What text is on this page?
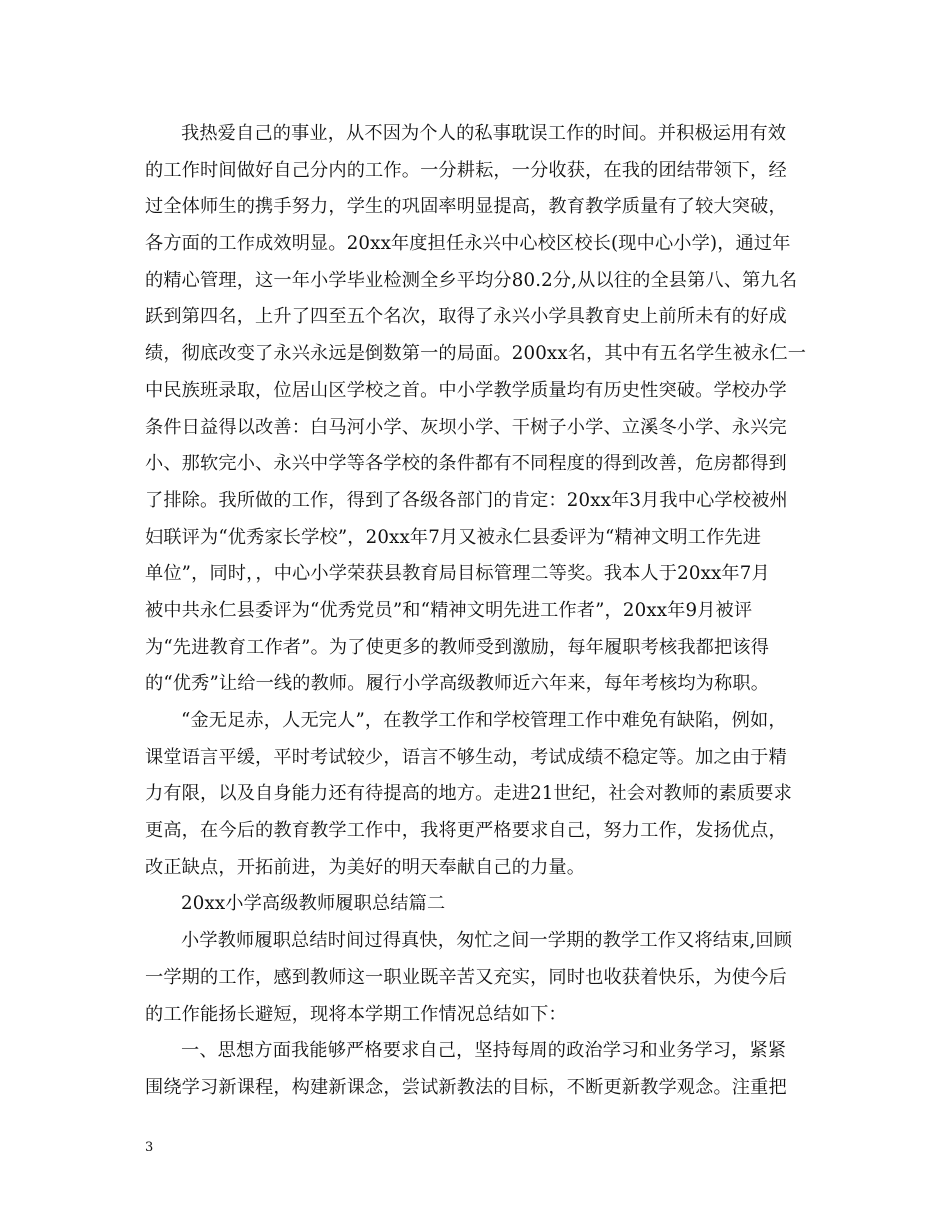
我热爱自己的事业，从不因为个人的私事耽误工作的时间。并积极运用有效
的工作时间做好自己分内的工作。一分耕耘，一分收获，在我的团结带领下，经
过全体师生的携手努力，学生的巩固率明显提高，教育教学质量有了较大突破，
各方面的工作成效明显。20xx年度担任永兴中心校区校长(现中心小学)，通过年
的精心管理，这一年小学毕业检测全乡平均分80.2分,从以往的全县第八、第九名
跃到第四名，上升了四至五个名次，取得了永兴小学具教育史上前所未有的好成
绩，彻底改变了永兴永远是倒数第一的局面。200xx名，其中有五名学生被永仁一
中民族班录取，位居山区学校之首。中小学教学质量均有历史性突破。学校办学
条件日益得以改善：白马河小学、灰坝小学、干树子小学、立溪冬小学、永兴完
小、那软完小、永兴中学等各学校的条件都有不同程度的得到改善，危房都得到
了排除。我所做的工作，得到了各级各部门的肯定：20xx年3月我中心学校被州
妇联评为“优秀家长学校”，20xx年7月又被永仁县委评为“精神文明工作先进
单位”，同时，，中心小学荣获县教育局目标管理二等奖。我本人于20xx年7月
被中共永仁县委评为“优秀党员”和“精神文明先进工作者”，20xx年9月被评
为“先进教育工作者”。为了使更多的教师受到激励，每年履职考核我都把该得
的“优秀”让给一线的教师。履行小学高级教师近六年来，每年考核均为称职。
“金无足赤，人无完人”，在教学工作和学校管理工作中难免有缺陷，例如，
课堂语言平缓，平时考试较少，语言不够生动，考试成绩不稳定等。加之由于精
力有限，以及自身能力还有待提高的地方。走进21世纪，社会对教师的素质要求
更高，在今后的教育教学工作中，我将更严格要求自己，努力工作，发扬优点，
改正缺点，开拓前进，为美好的明天奉献自己的力量。
20xx小学高级教师履职总结篇二
小学教师履职总结时间过得真快，匆忙之间一学期的教学工作又将结束,回顾
一学期的工作，感到教师这一职业既辛苦又充实，同时也收获着快乐，为使今后
的工作能扬长避短，现将本学期工作情况总结如下：
一、思想方面我能够严格要求自己，坚持每周的政治学习和业务学习，紧紧
围绕学习新课程，构建新课念，尝试新教法的目标，不断更新教学观念。注重把
3
